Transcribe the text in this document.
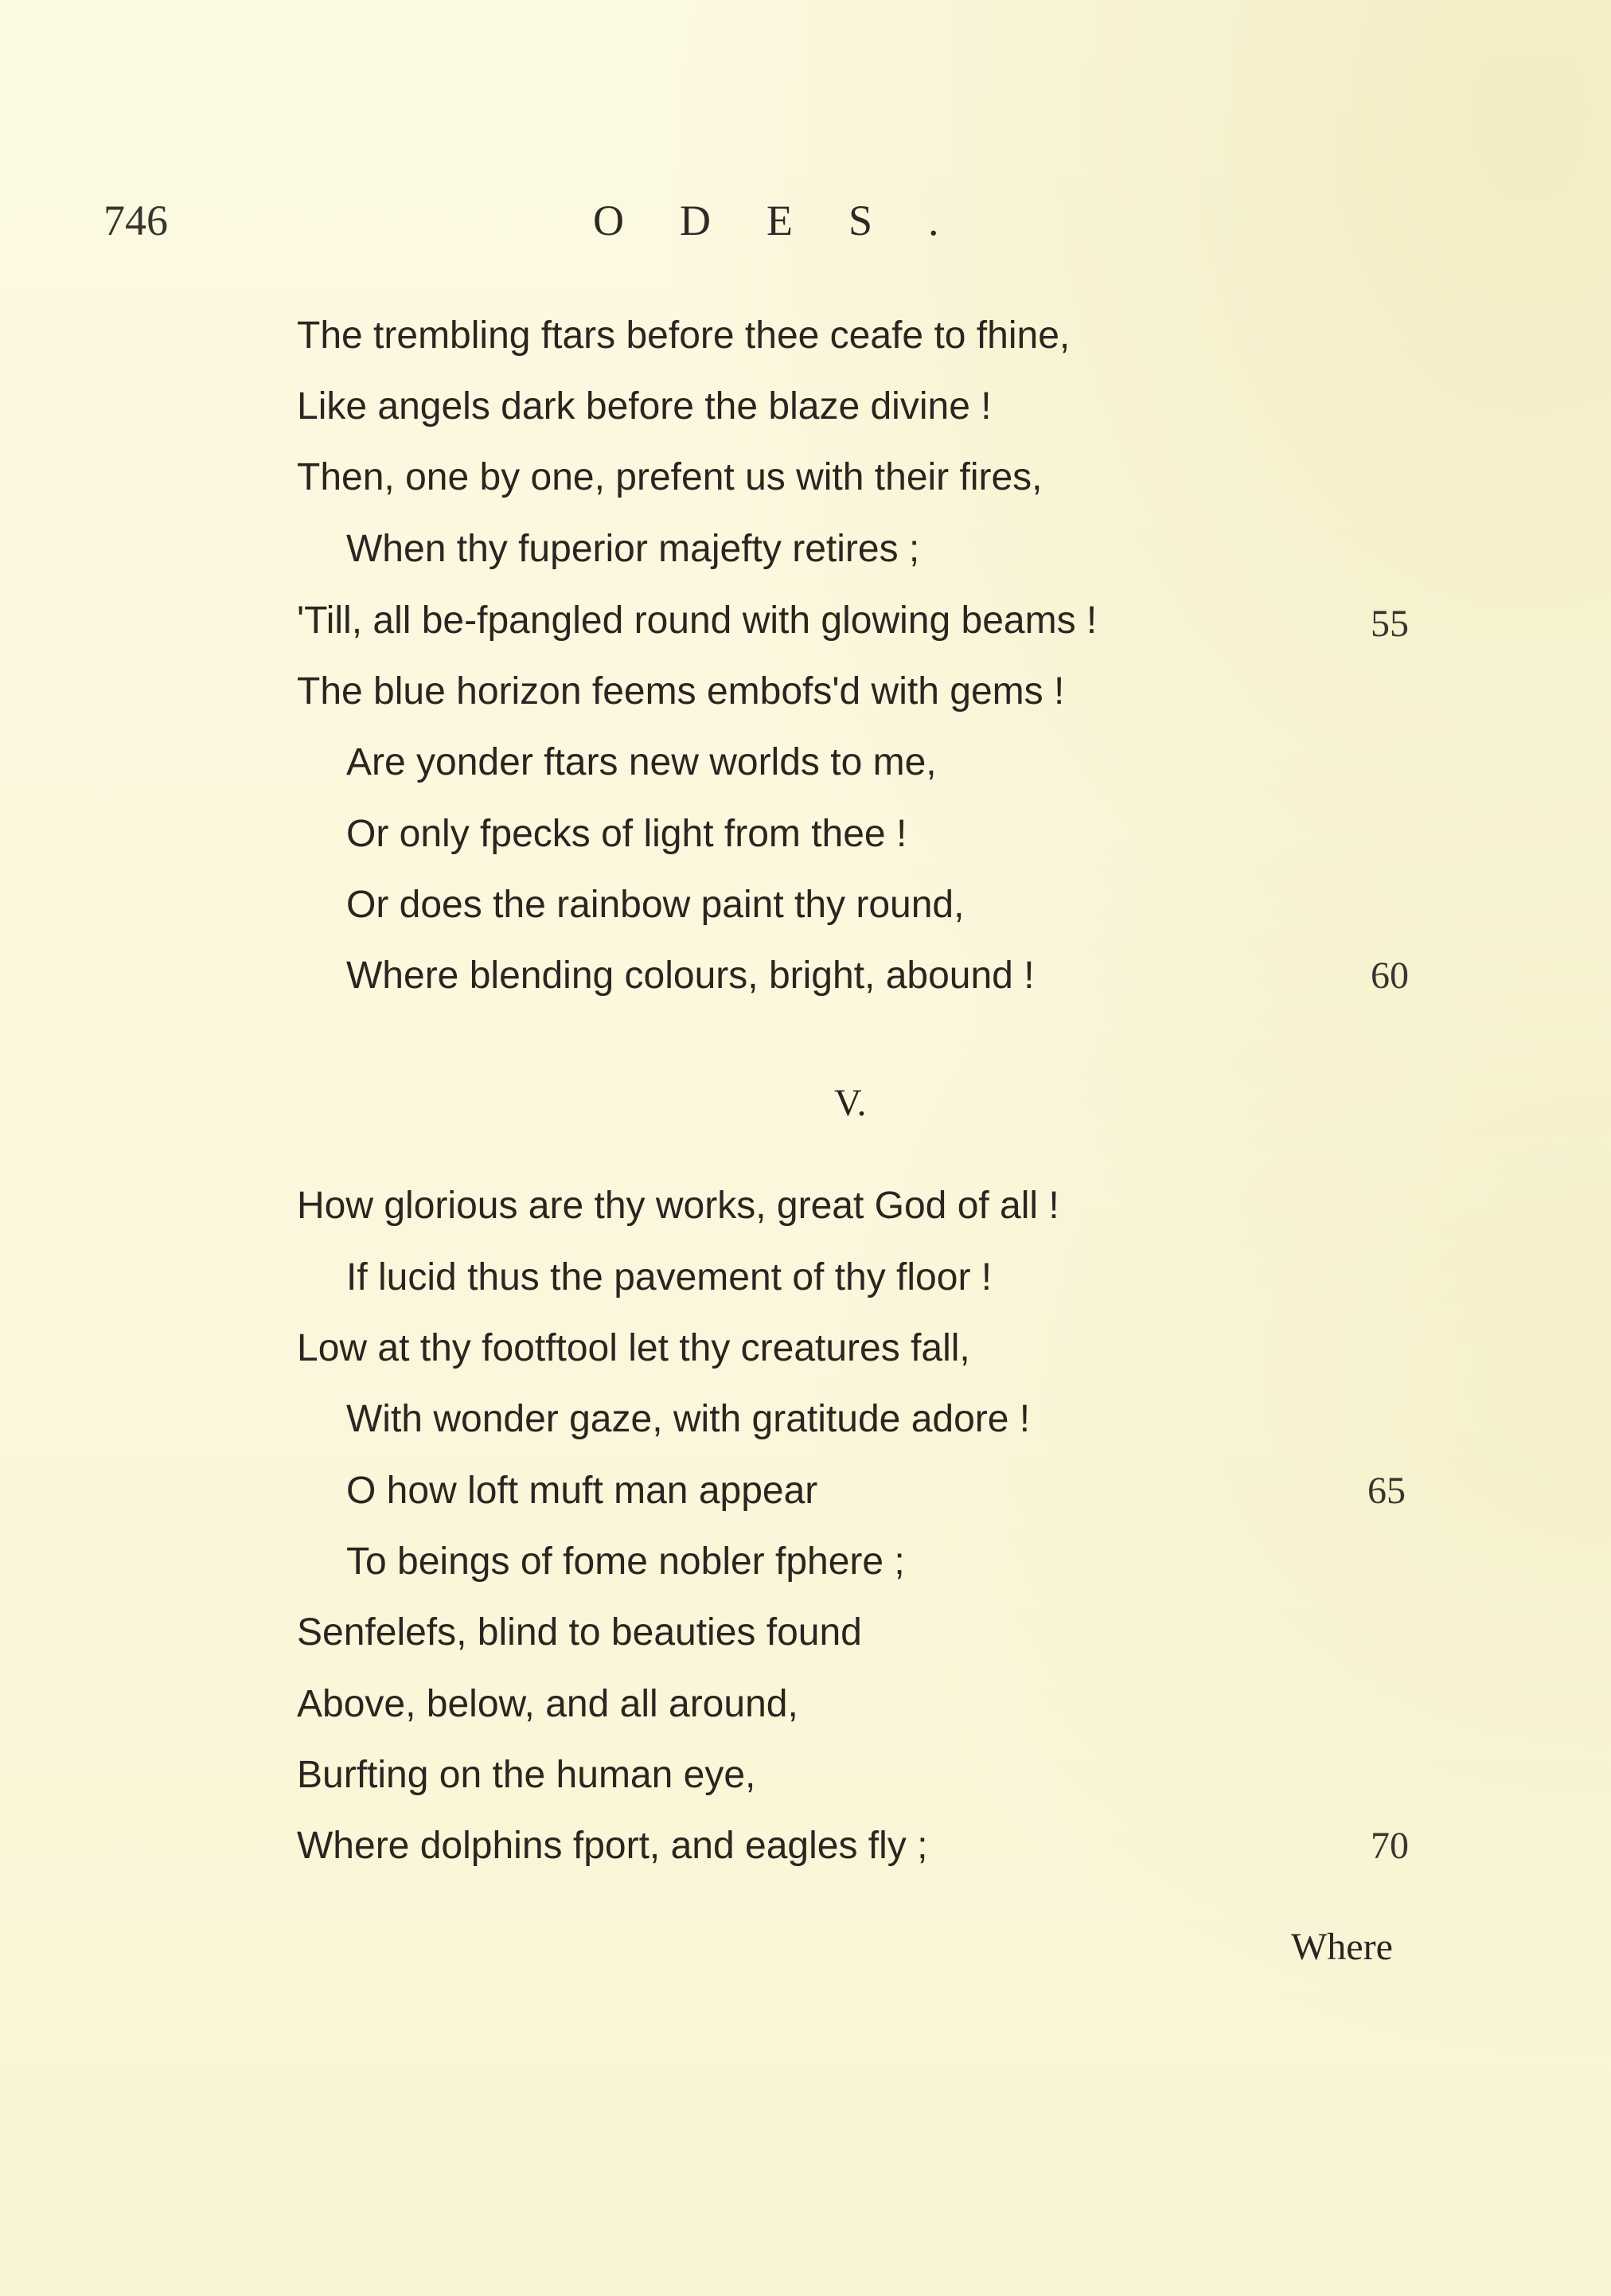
746	ODES.
The trembling ftars before thee ceafe to fhine,
Like angels dark before the blaze divine !
Then, one by one, prefent us with their fires,
When thy fuperior majefty retires ;
'Till, all be-fpangled round with glowing beams !	55
The blue horizon feems embofs'd with gems !
Are yonder ftars new worlds to me,
Or only fpecks of light from thee !
Or does the rainbow paint thy round,
Where blending colours, bright, abound !	60
V.
How glorious are thy works, great God of all !
If lucid thus the pavement of thy floor !
Low at thy footftool let thy creatures fall,
With wonder gaze, with gratitude adore !
O how loft muft man appear	65
To beings of fome nobler fphere ;
Senfelefs, blind to beauties found
Above, below, and all around,
Burfting on the human eye,
Where dolphins fport, and eagles fly ;	70
Where
